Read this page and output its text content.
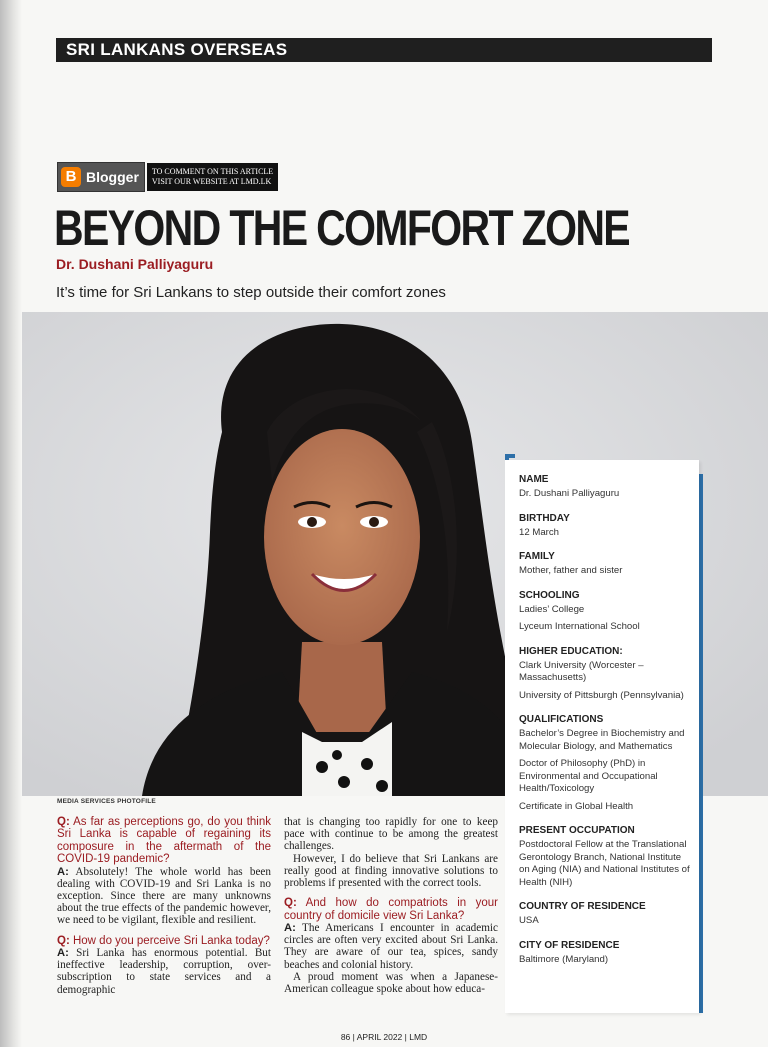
SRI LANKANS OVERSEAS
B Blogger TO COMMENT ON THIS ARTICLE
VISIT OUR WEBSITE AT LMD.LK
BEYOND THE COMFORT ZONE
Dr. Dushani Palliyaguru
It’s time for Sri Lankans to step outside their comfort zones
MEDIA SERVICES PHOTOFILE
NAME
Dr. Dushani Palliyaguru
BIRTHDAY
12 March
FAMILY
Mother, father and sister
SCHOOLING
Ladies’ College
Lyceum International School
HIGHER EDUCATION:
Clark University (Worcester – Massachusetts)
University of Pittsburgh (Pennsylvania)
QUALIFICATIONS
Bachelor’s Degree in Biochemistry and Molecular Biology, and Mathematics
Doctor of Philosophy (PhD) in Environmental and Occupational Health/Toxicology
Certificate in Global Health
PRESENT OCCUPATION
Postdoctoral Fellow at the Translational Gerontology Branch, National Institute on Aging (NIA) and National Institutes of Health (NIH)
COUNTRY OF RESIDENCE
USA
CITY OF RESIDENCE
Baltimore (Maryland)

Q: As far as perceptions go, do you think Sri Lanka is capable of regaining its composure in the aftermath of the COVID-19 pandemic?

A: Absolutely! The whole world has been dealing with COVID-19 and Sri Lanka is no exception. Since there are many unknowns about the true effects of the pandemic however, we need to be vigilant, flexible and resilient.

Q: How do you perceive Sri Lanka today?

A: Sri Lanka has enormous potential. But ineffective leadership, corruption, over-subscription to state services and a demographic

that is changing too rapidly for one to keep pace with continue to be among the greatest challenges.

However, I do believe that Sri Lankans are really good at finding innovative solutions to problems if presented with the correct tools.

Q: And how do compatriots in your country of domicile view Sri Lanka?

A: The Americans I encounter in academic circles are often very excited about Sri Lanka. They are aware of our tea, spices, sandy beaches and colonial history.

A proud moment was when a Japanese-American colleague spoke about how educa-

86 | APRIL 2022 | LMD
